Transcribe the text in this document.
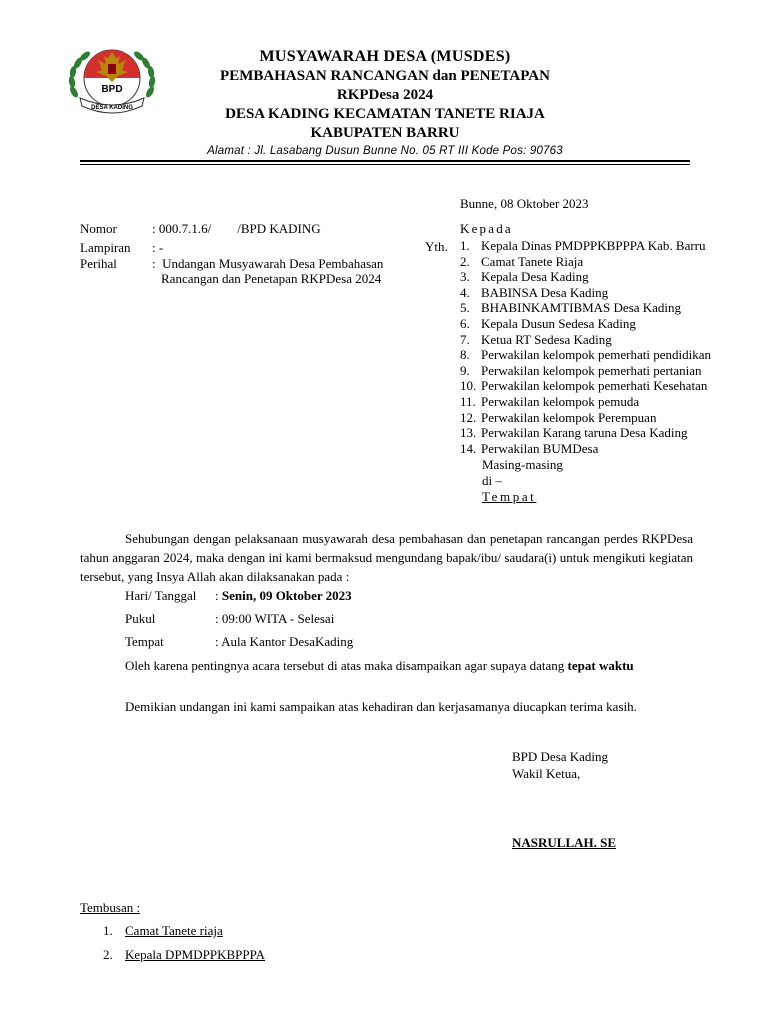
BPD
DESA KADING
MUSYAWARAH DESA (MUSDES)
PEMBAHASAN RANCANGAN dan PENETAPAN
RKPDesa 2024
DESA KADING KECAMATAN TANETE RIAJA
KABUPATEN BARRU
Alamat : Jl. Lasabang Dusun Bunne No. 05 RT III Kode Pos: 90763
Bunne, 08 Oktober 2023
Nomor	: 000.7.1.6/        /BPD KADING
Lampiran : -
Perihal	:  Undangan Musyawarah Desa Pembahasan
Rancangan dan Penetapan RKPDesa 2024
Kepada
Yth. 1. Kepala Dinas PMDPPKBPPPA Kab. Barru
2. Camat Tanete Riaja
3. Kepala Desa Kading
4. BABINSA Desa Kading
5. BHABINKAMTIBMAS Desa Kading
6. Kepala Dusun Sedesa Kading
7. Ketua RT Sedesa Kading
8. Perwakilan kelompok pemerhati pendidikan
9. Perwakilan kelompok pemerhati pertanian
10. Perwakilan kelompok pemerhati Kesehatan
11. Perwakilan kelompok pemuda
12. Perwakilan kelompok Perempuan
13. Perwakilan Karang taruna Desa Kading
14. Perwakilan BUMDesa
Masing-masing
di –
Tempat
Sehubungan dengan pelaksanaan musyawarah desa pembahasan dan penetapan rancangan perdes RKPDesa tahun anggaran 2024, maka dengan ini kami bermaksud mengundang bapak/ibu/ saudara(i) untuk mengikuti kegiatan tersebut, yang Insya Allah akan dilaksanakan pada :
Hari/ Tanggal : Senin, 09 Oktober 2023
Pukul	: 09:00 WITA - Selesai
Tempat	: Aula Kantor DesaKading
Oleh karena pentingnya acara tersebut di atas maka disampaikan agar supaya datang tepat waktu
Demikian undangan ini kami sampaikan atas kehadiran dan kerjasamanya diucapkan terima kasih.
BPD Desa Kading
Wakil Ketua,
NASRULLAH. SE
Tembusan :
1. Camat Tanete riaja
2. Kepala DPMDPPKBPPPA
